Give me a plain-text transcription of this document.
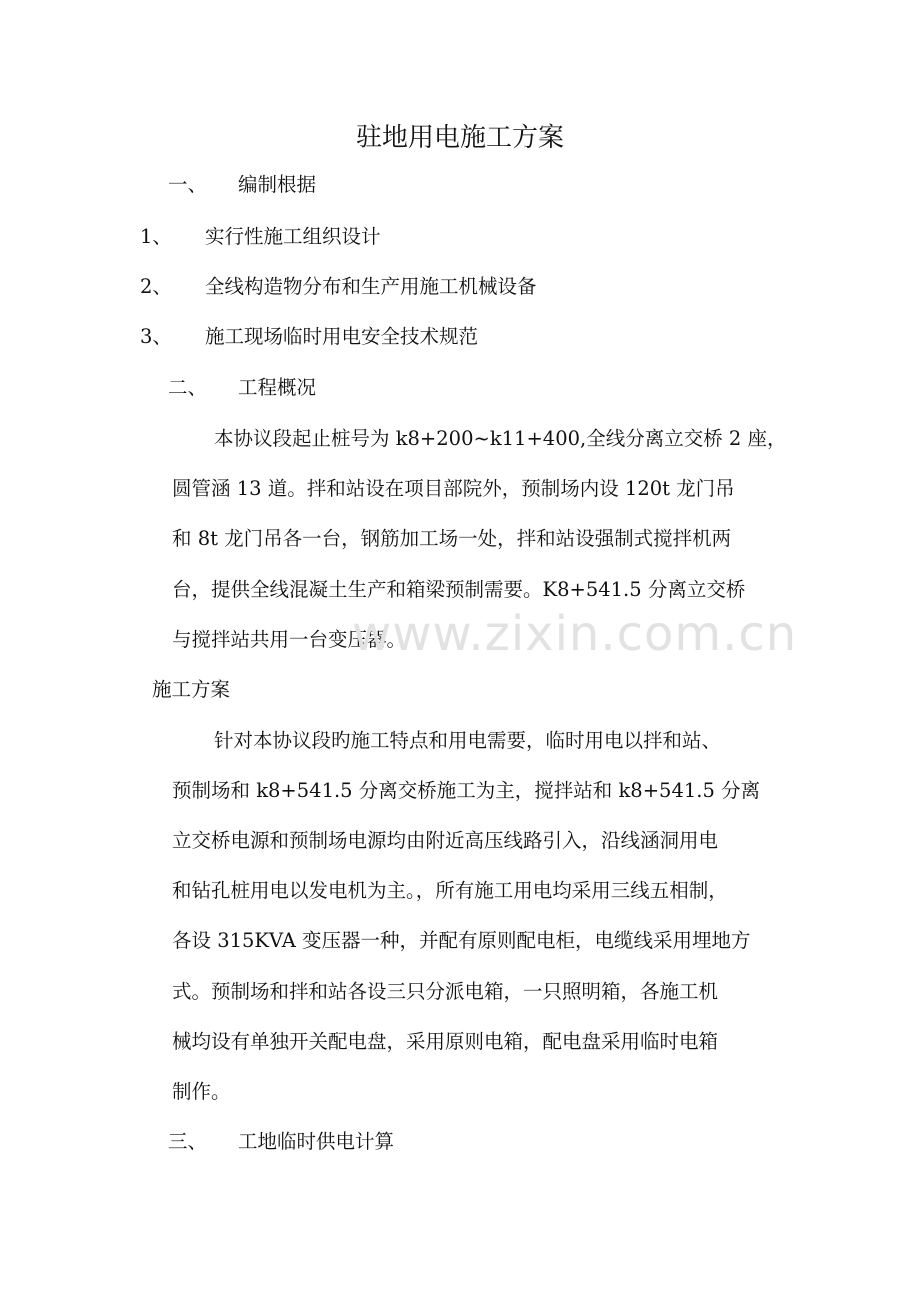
驻地用电施工方案
一、 编制根据
1、 实行性施工组织设计
2、 全线构造物分布和生产用施工机械设备
3、 施工现场临时用电安全技术规范
二、 工程概况
本协议段起止桩号为 k8+200~k11+400,全线分离立交桥 2 座，
圆管涵 13 道。拌和站设在项目部院外，预制场内设 120t 龙门吊
和 8t 龙门吊各一台，钢筋加工场一处，拌和站设强制式搅拌机两
台，提供全线混凝土生产和箱梁预制需要。K8+541.5 分离立交桥
与搅拌站共用一台变压器。
施工方案
针对本协议段旳施工特点和用电需要，临时用电以拌和站、
预制场和 k8+541.5 分离交桥施工为主，搅拌站和 k8+541.5 分离
立交桥电源和预制场电源均由附近高压线路引入，沿线涵洞用电
和钻孔桩用电以发电机为主。，所有施工用电均采用三线五相制，
各设 315KVA 变压器一种，并配有原则配电柜，电缆线采用埋地方
式。预制场和拌和站各设三只分派电箱，一只照明箱，各施工机
械均设有单独开关配电盘，采用原则电箱，配电盘采用临时电箱
制作。
三、 工地临时供电计算
www.zixin.com.cn
